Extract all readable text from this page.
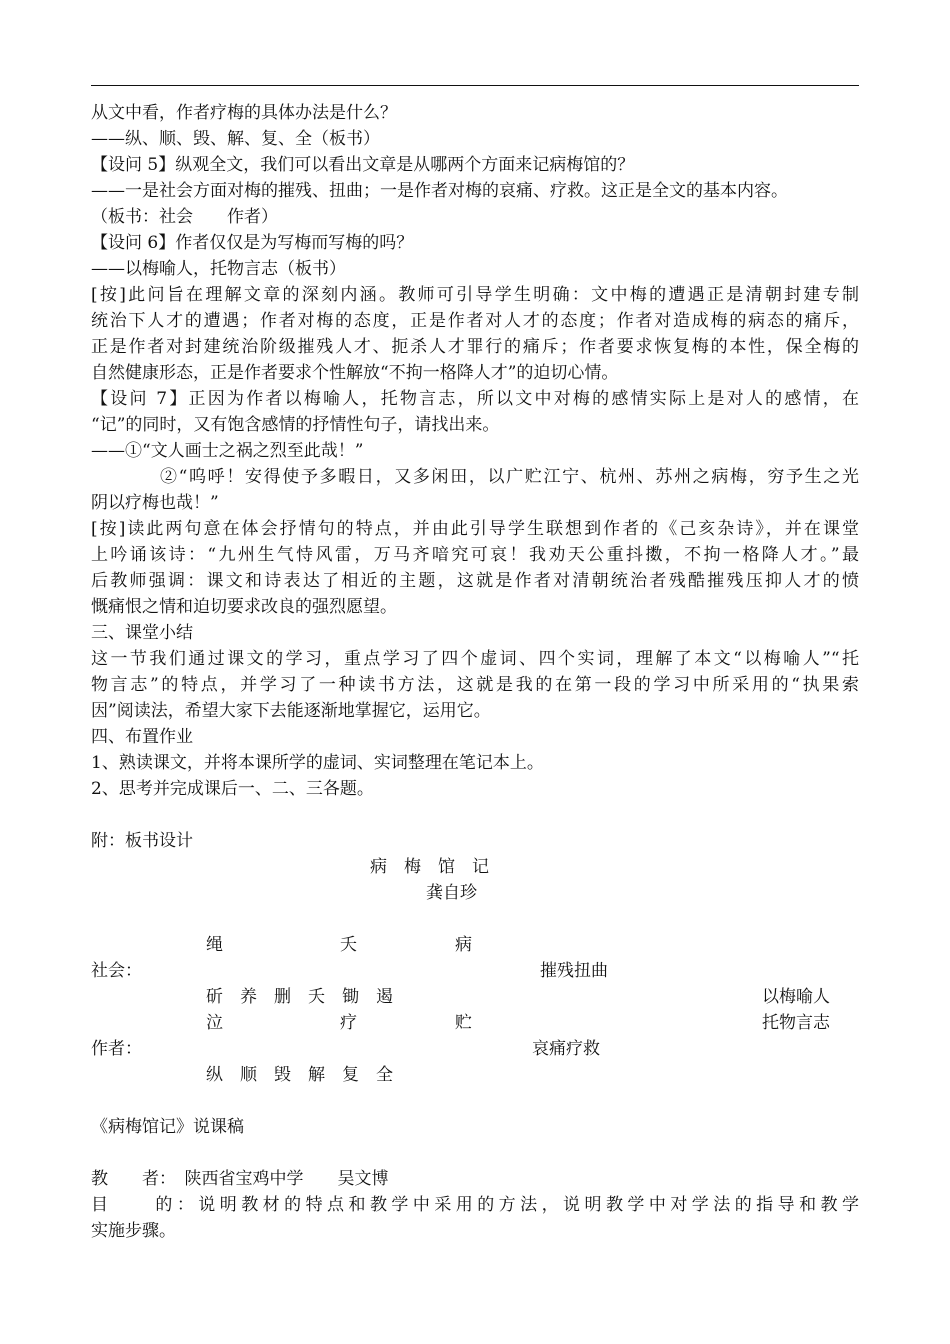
从文中看，作者疗梅的具体办法是什么？
——纵、顺、毁、解、复、全（板书）
【设问 5】纵观全文，我们可以看出文章是从哪两个方面来记病梅馆的？
——一是社会方面对梅的摧残、扭曲；一是作者对梅的哀痛、疗救。这正是全文的基本内容。
（板书：社会　　作者）
【设问 6】作者仅仅是为写梅而写梅的吗？
——以梅喻人，托物言志（板书）
[按]此问旨在理解文章的深刻内涵。教师可引导学生明确：文中梅的遭遇正是清朝封建专制
统治下人才的遭遇；作者对梅的态度，正是作者对人才的态度；作者对造成梅的病态的痛斥，
正是作者对封建统治阶级摧残人才、扼杀人才罪行的痛斥；作者要求恢复梅的本性，保全梅的
自然健康形态，正是作者要求个性解放“不拘一格降人才”的迫切心情。
【设问 7】正因为作者以梅喻人，托物言志，所以文中对梅的感情实际上是对人的感情，在
“记”的同时，又有饱含感情的抒情性句子，请找出来。
——①“文人画士之祸之烈至此哉！”
②“呜呼！安得使予多暇日，又多闲田，以广贮江宁、杭州、苏州之病梅，穷予生之光
阴以疗梅也哉！”
[按]读此两句意在体会抒情句的特点，并由此引导学生联想到作者的《己亥杂诗》，并在课堂
上吟诵该诗：“九州生气恃风雷，万马齐喑究可哀！我劝天公重抖擞，不拘一格降人才。”最
后教师强调：课文和诗表达了相近的主题，这就是作者对清朝统治者残酷摧残压抑人才的愤
慨痛恨之情和迫切要求改良的强烈愿望。
三、课堂小结
这一节我们通过课文的学习，重点学习了四个虚词、四个实词，理解了本文“以梅喻人”“托
物言志”的特点，并学习了一种读书方法，这就是我的在第一段的学习中所采用的“执果索
因”阅读法，希望大家下去能逐渐地掌握它，运用它。
四、布置作业
1、熟读课文，并将本课所学的虚词、实词整理在笔记本上。
2、思考并完成课后一、二、三各题。
附：板书设计
病　梅　馆　记
龚自珍
绳	夭	病
社会：	摧残扭曲
斫　养　删　夭　锄　遏	以梅喻人
泣	疗	贮	托物言志
作者：	哀痛疗救
纵　顺　毁　解　复　全
《病梅馆记》说课稿
教　　者：　陕西省宝鸡中学　　吴文博
目　　的：说明教材的特点和教学中采用的方法，说明教学中对学法的指导和教学
实施步骤。
